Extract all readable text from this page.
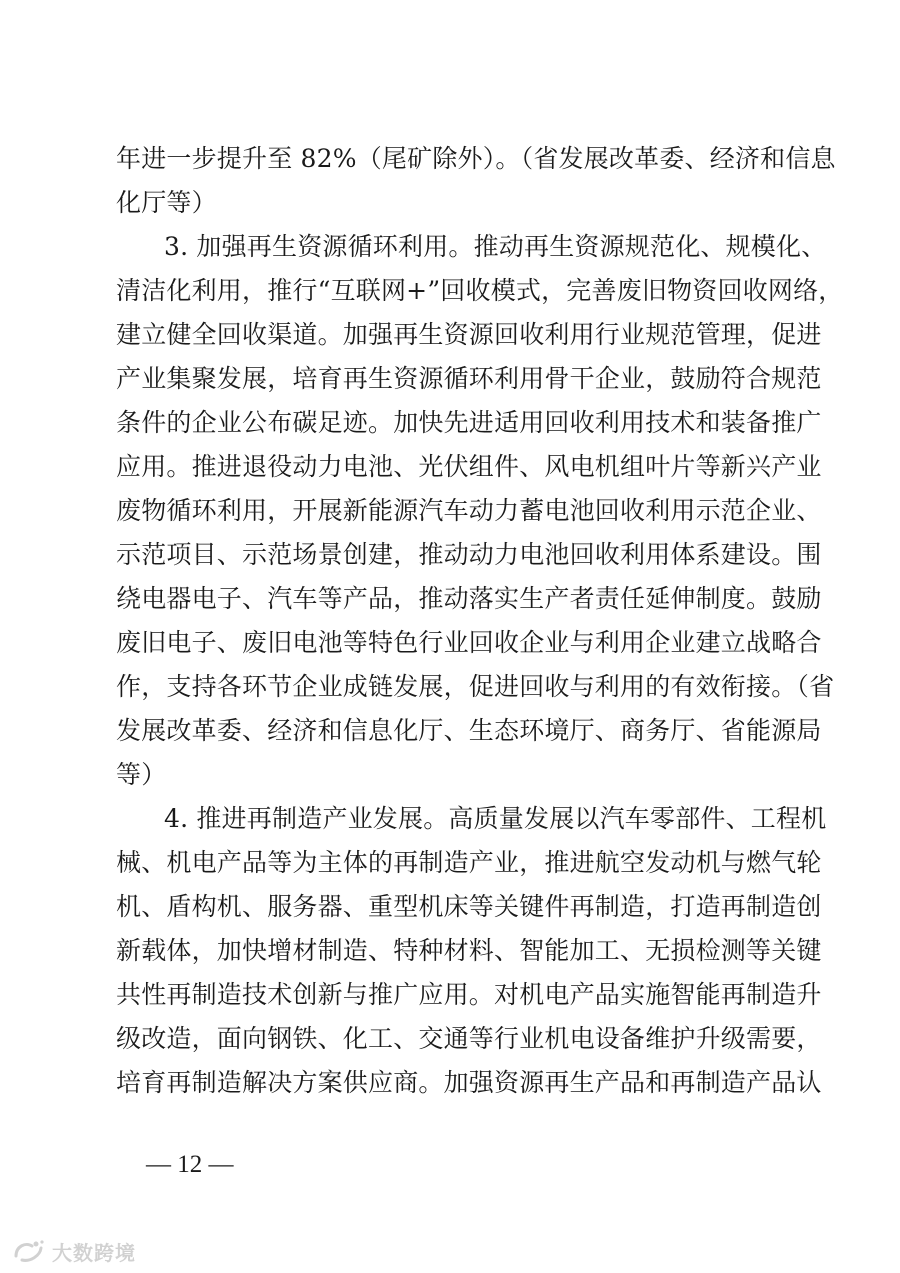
年进一步提升至 82%（尾矿除外）。（省发展改革委、经济和信息
化厅等）
3. 加强再生资源循环利用。推动再生资源规范化、规模化、
清洁化利用，推行“互联网+”回收模式，完善废旧物资回收网络，
建立健全回收渠道。加强再生资源回收利用行业规范管理，促进
产业集聚发展，培育再生资源循环利用骨干企业，鼓励符合规范
条件的企业公布碳足迹。加快先进适用回收利用技术和装备推广
应用。推进退役动力电池、光伏组件、风电机组叶片等新兴产业
废物循环利用，开展新能源汽车动力蓄电池回收利用示范企业、
示范项目、示范场景创建，推动动力电池回收利用体系建设。围
绕电器电子、汽车等产品，推动落实生产者责任延伸制度。鼓励
废旧电子、废旧电池等特色行业回收企业与利用企业建立战略合
作，支持各环节企业成链发展，促进回收与利用的有效衔接。（省
发展改革委、经济和信息化厅、生态环境厅、商务厅、省能源局
等）
4. 推进再制造产业发展。高质量发展以汽车零部件、工程机
械、机电产品等为主体的再制造产业，推进航空发动机与燃气轮
机、盾构机、服务器、重型机床等关键件再制造，打造再制造创
新载体，加快增材制造、特种材料、智能加工、无损检测等关键
共性再制造技术创新与推广应用。对机电产品实施智能再制造升
级改造，面向钢铁、化工、交通等行业机电设备维护升级需要，
培育再制造解决方案供应商。加强资源再生产品和再制造产品认
— 12 —
大数跨境
